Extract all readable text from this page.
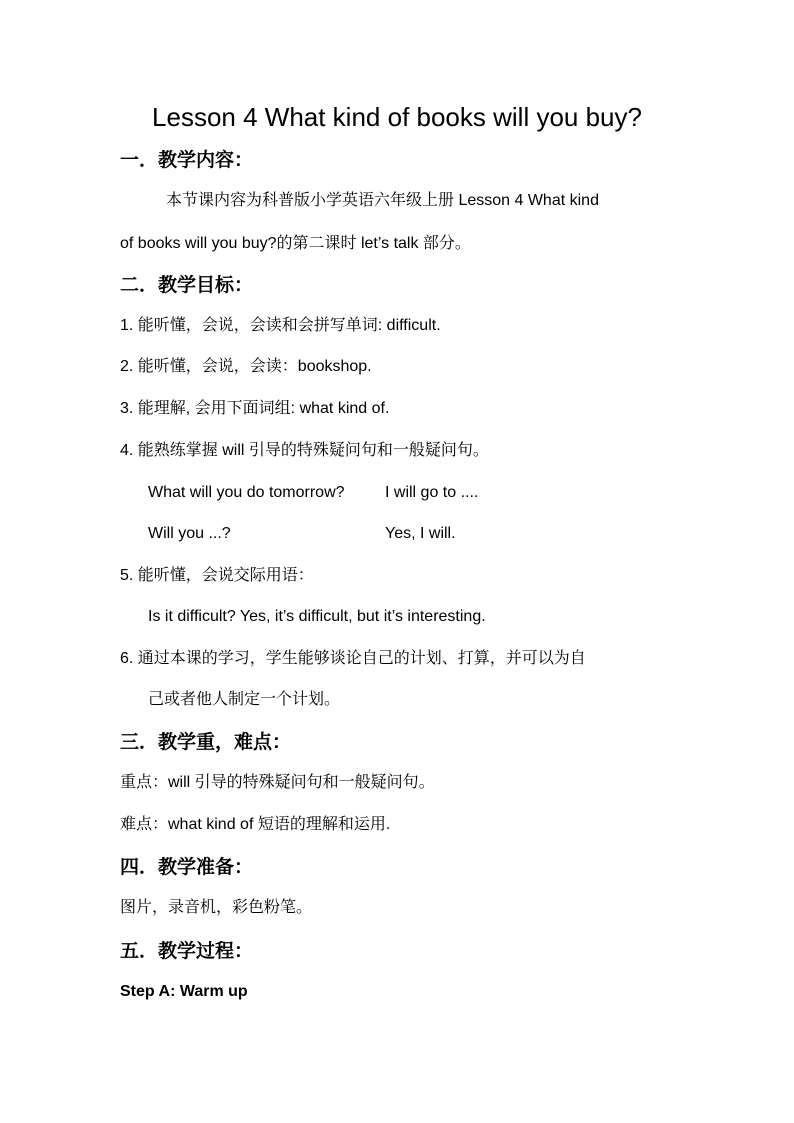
Lesson 4 What kind of books will you buy?
一．教学内容：
本节课内容为科普版小学英语六年级上册 Lesson 4 What kind
of books will you buy?的第二课时 let’s talk 部分。
二．教学目标：
1. 能听懂，会说，会读和会拼写单词: difficult.
2. 能听懂，会说，会读：bookshop.
3. 能理解, 会用下面词组: what kind of.
4. 能熟练掌握 will 引导的特殊疑问句和一般疑问句。
What will you do tomorrow?	I will go to ....
Will you ...?	Yes, I will.
5. 能听懂，会说交际用语：
Is it difficult? Yes, it’s difficult, but it’s interesting.
6. 通过本课的学习，学生能够谈论自己的计划、打算，并可以为自
己或者他人制定一个计划。
三．教学重，难点：
重点：will 引导的特殊疑问句和一般疑问句。
难点：what kind of 短语的理解和运用.
四．教学准备：
图片，录音机，彩色粉笔。
五．教学过程：
Step A: Warm up
